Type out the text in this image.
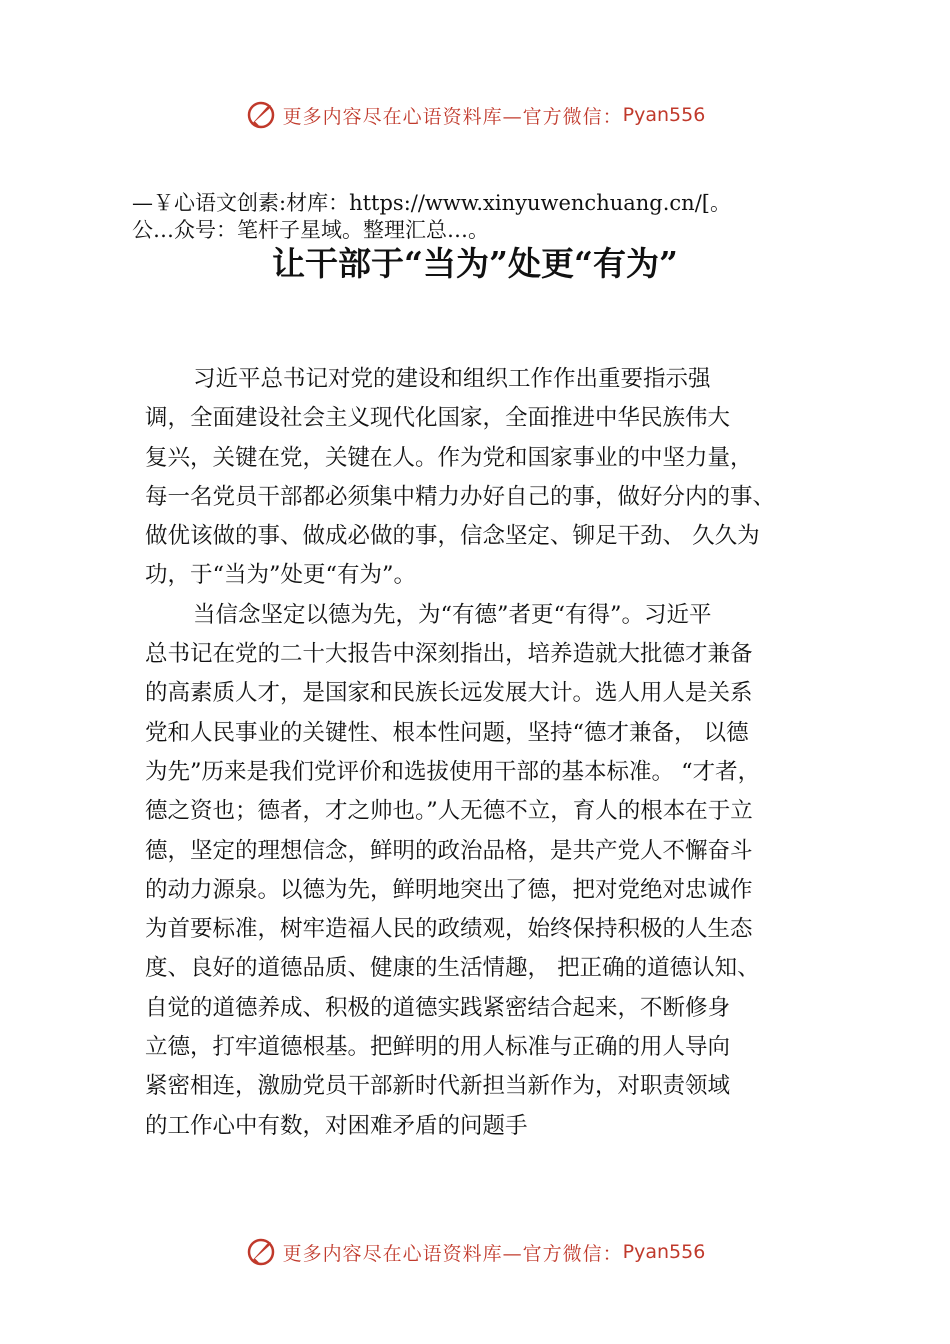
更多内容尽在心语资料库—官方微信： Pyan556
—￥心语文创素:材库：https://www.xinyuwenchuang.cn/[。
公…众号：笔杆子星域。整理汇总…。
让干部于“当为”处更“有为”
习近平总书记对党的建设和组织工作作出重要指示强
调，全面建设社会主义现代化国家，全面推进中华民族伟大
复兴，关键在党，关键在人。作为党和国家事业的中坚力量，
每一名党员干部都必须集中精力办好自己的事，做好分内的事、
做优该做的事、做成必做的事，信念坚定、铆足干劲、 久久为
功，于“当为”处更“有为”。
当信念坚定以德为先，为“有德”者更“有得”。习近平
总书记在党的二十大报告中深刻指出，培养造就大批德才兼备
的高素质人才，是国家和民族长远发展大计。选人用人是关系
党和人民事业的关键性、根本性问题，坚持“德才兼备， 以德
为先”历来是我们党评价和选拔使用干部的基本标准。 “才者，
德之资也；德者，才之帅也。”人无德不立，育人的根本在于立
德，坚定的理想信念，鲜明的政治品格，是共产党人不懈奋斗
的动力源泉。以德为先，鲜明地突出了德，把对党绝对忠诚作
为首要标准，树牢造福人民的政绩观，始终保持积极的人生态
度、良好的道德品质、健康的生活情趣， 把正确的道德认知、
自觉的道德养成、积极的道德实践紧密结合起来，不断修身
立德，打牢道德根基。把鲜明的用人标准与正确的用人导向
紧密相连，激励党员干部新时代新担当新作为，对职责领域
的工作心中有数，对困难矛盾的问题手
更多内容尽在心语资料库—官方微信： Pyan556
